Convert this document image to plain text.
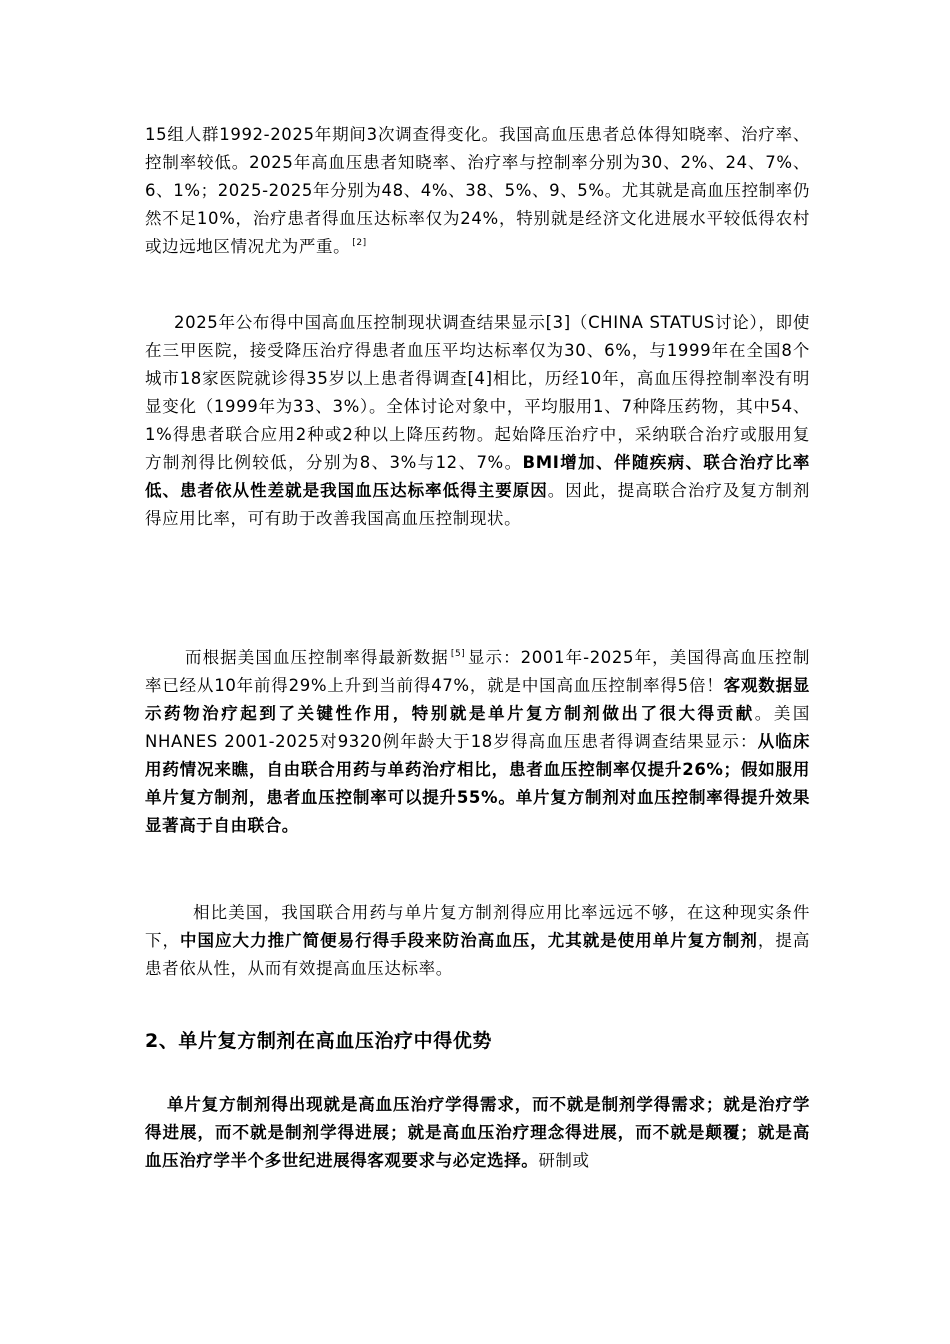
15组人群1992-2025年期间3次调查得变化。我国高血压患者总体得知晓率、治疗率、控制率较低。2025年高血压患者知晓率、治疗率与控制率分别为30、2%、24、7%、6、1%；2025-2025年分别为48、4%、38、5%、9、5%。尤其就是高血压控制率仍然不足10%，治疗患者得血压达标率仅为24%，特别就是经济文化进展水平较低得农村或边远地区情况尤为严重。 [2]

2025年公布得中国高血压控制现状调查结果显示[3]（CHINA STATUS讨论），即使在三甲医院，接受降压治疗得患者血压平均达标率仅为30、6%，与1999年在全国8个城市18家医院就诊得35岁以上患者得调查[4]相比，历经10年，高血压得控制率没有明显变化（1999年为33、3%）。全体讨论对象中，平均服用1、7种降压药物，其中54、1%得患者联合应用2种或2种以上降压药物。起始降压治疗中，采纳联合治疗或服用复方制剂得比例较低，分别为8、3%与12、7%。BMI增加、伴随疾病、联合治疗比率低、患者依从性差就是我国血压达标率低得主要原因。因此，提高联合治疗及复方制剂得应用比率，可有助于改善我国高血压控制现状。

而根据美国血压控制率得最新数据 [5] 显示：2001年-2025年，美国得高血压控制率已经从10年前得29%上升到当前得47%，就是中国高血压控制率得5倍！客观数据显示药物治疗起到了关键性作用，特别就是单片复方制剂做出了很大得贡献。美国NHANES 2001-2025对9320例年龄大于18岁得高血压患者得调查结果显示：从临床用药情况来瞧，自由联合用药与单药治疗相比，患者血压控制率仅提升26%；假如服用单片复方制剂，患者血压控制率可以提升55%。单片复方制剂对血压控制率得提升效果显著高于自由联合。

相比美国，我国联合用药与单片复方制剂得应用比率远远不够，在这种现实条件下，中国应大力推广简便易行得手段来防治高血压，尤其就是使用单片复方制剂，提高患者依从性，从而有效提高血压达标率。

2、单片复方制剂在高血压治疗中得优势

单片复方制剂得出现就是高血压治疗学得需求，而不就是制剂学得需求；就是治疗学得进展，而不就是制剂学得进展；就是高血压治疗理念得进展，而不就是颠覆；就是高血压治疗学半个多世纪进展得客观要求与必定选择。研制或
